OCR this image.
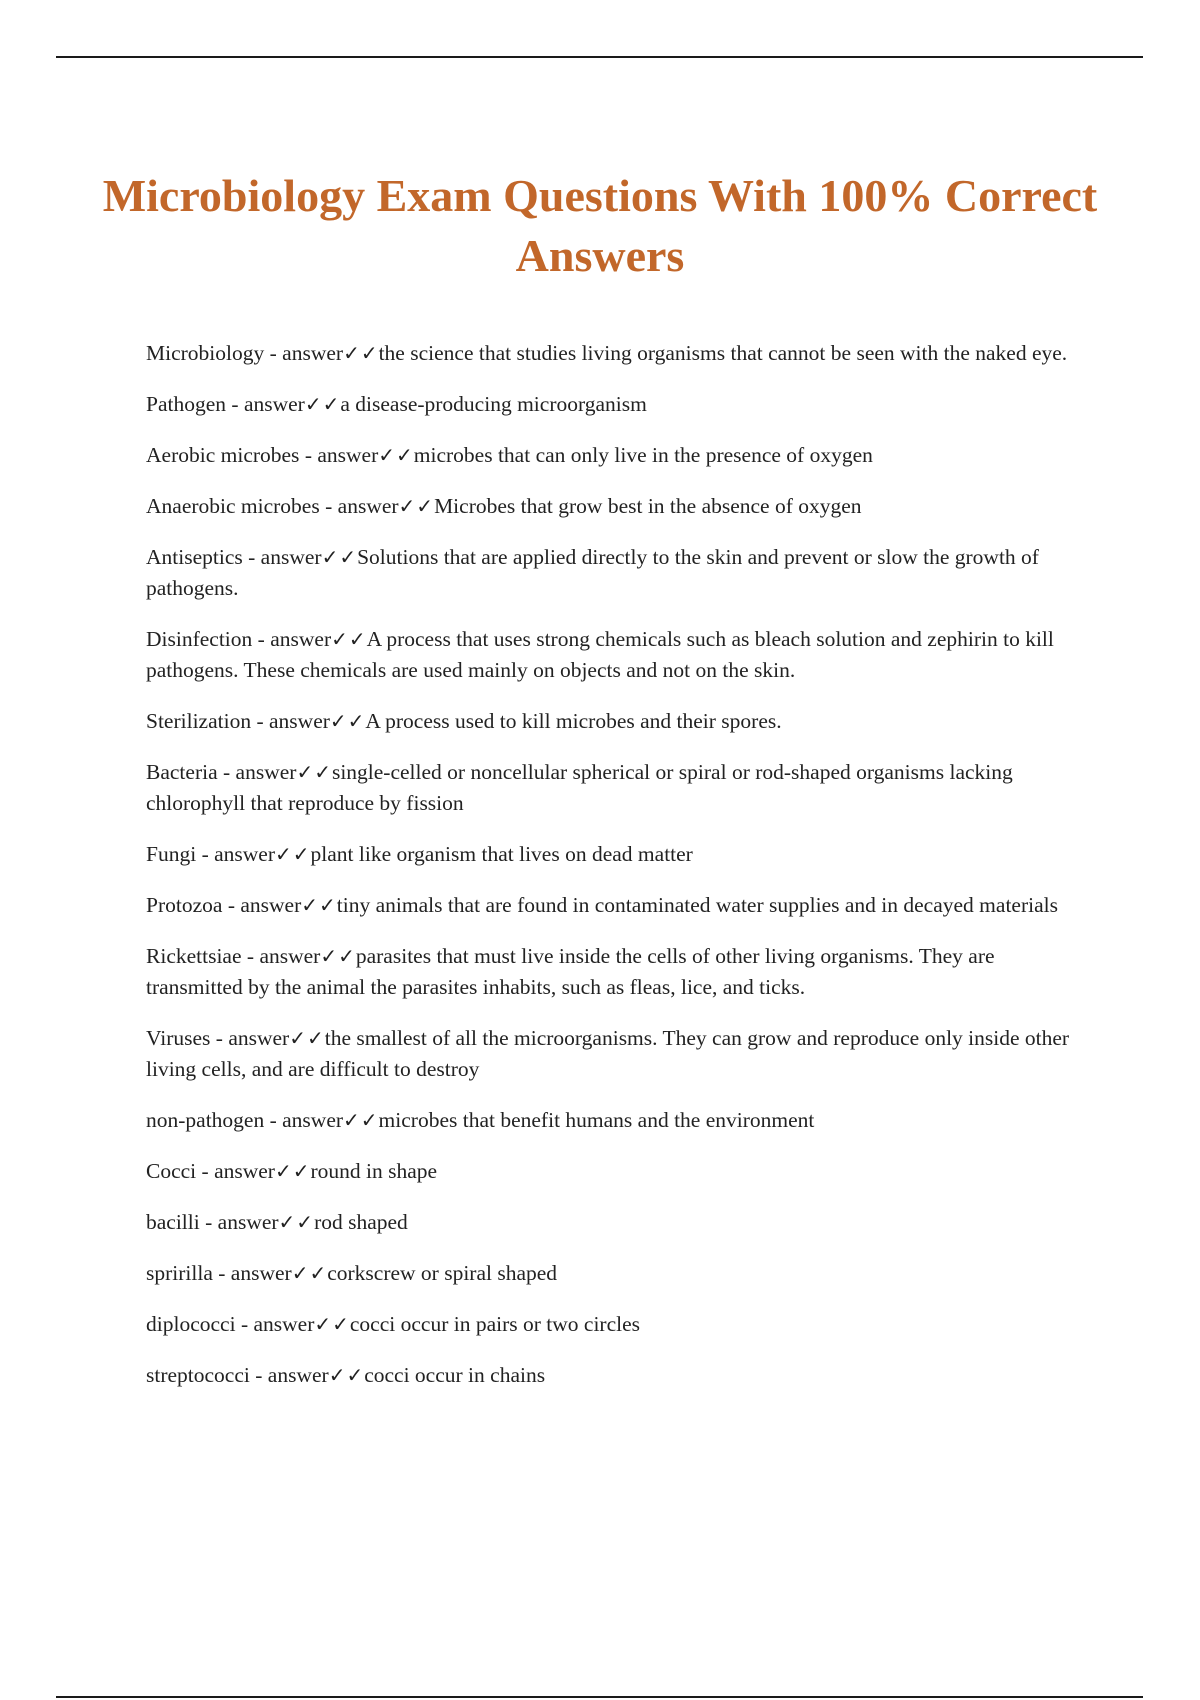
Microbiology Exam Questions With 100% Correct Answers
Microbiology - answer✓✓the science that studies living organisms that cannot be seen with the naked eye.
Pathogen - answer✓✓a disease-producing microorganism
Aerobic microbes - answer✓✓microbes that can only live in the presence of oxygen
Anaerobic microbes - answer✓✓Microbes that grow best in the absence of oxygen
Antiseptics - answer✓✓Solutions that are applied directly to the skin and prevent or slow the growth of pathogens.
Disinfection - answer✓✓A process that uses strong chemicals such as bleach solution and zephirin to kill pathogens. These chemicals are used mainly on objects and not on the skin.
Sterilization - answer✓✓A process used to kill microbes and their spores.
Bacteria - answer✓✓single-celled or noncellular spherical or spiral or rod-shaped organisms lacking chlorophyll that reproduce by fission
Fungi - answer✓✓plant like organism that lives on dead matter
Protozoa - answer✓✓tiny animals that are found in contaminated water supplies and in decayed materials
Rickettsiae - answer✓✓parasites that must live inside the cells of other living organisms. They are transmitted by the animal the parasites inhabits, such as fleas, lice, and ticks.
Viruses - answer✓✓the smallest of all the microorganisms. They can grow and reproduce only inside other living cells, and are difficult to destroy
non-pathogen - answer✓✓microbes that benefit humans and the environment
Cocci - answer✓✓round in shape
bacilli - answer✓✓rod shaped
spririlla - answer✓✓corkscrew or spiral shaped
diplococci - answer✓✓cocci occur in pairs or two circles
streptococci - answer✓✓cocci occur in chains
